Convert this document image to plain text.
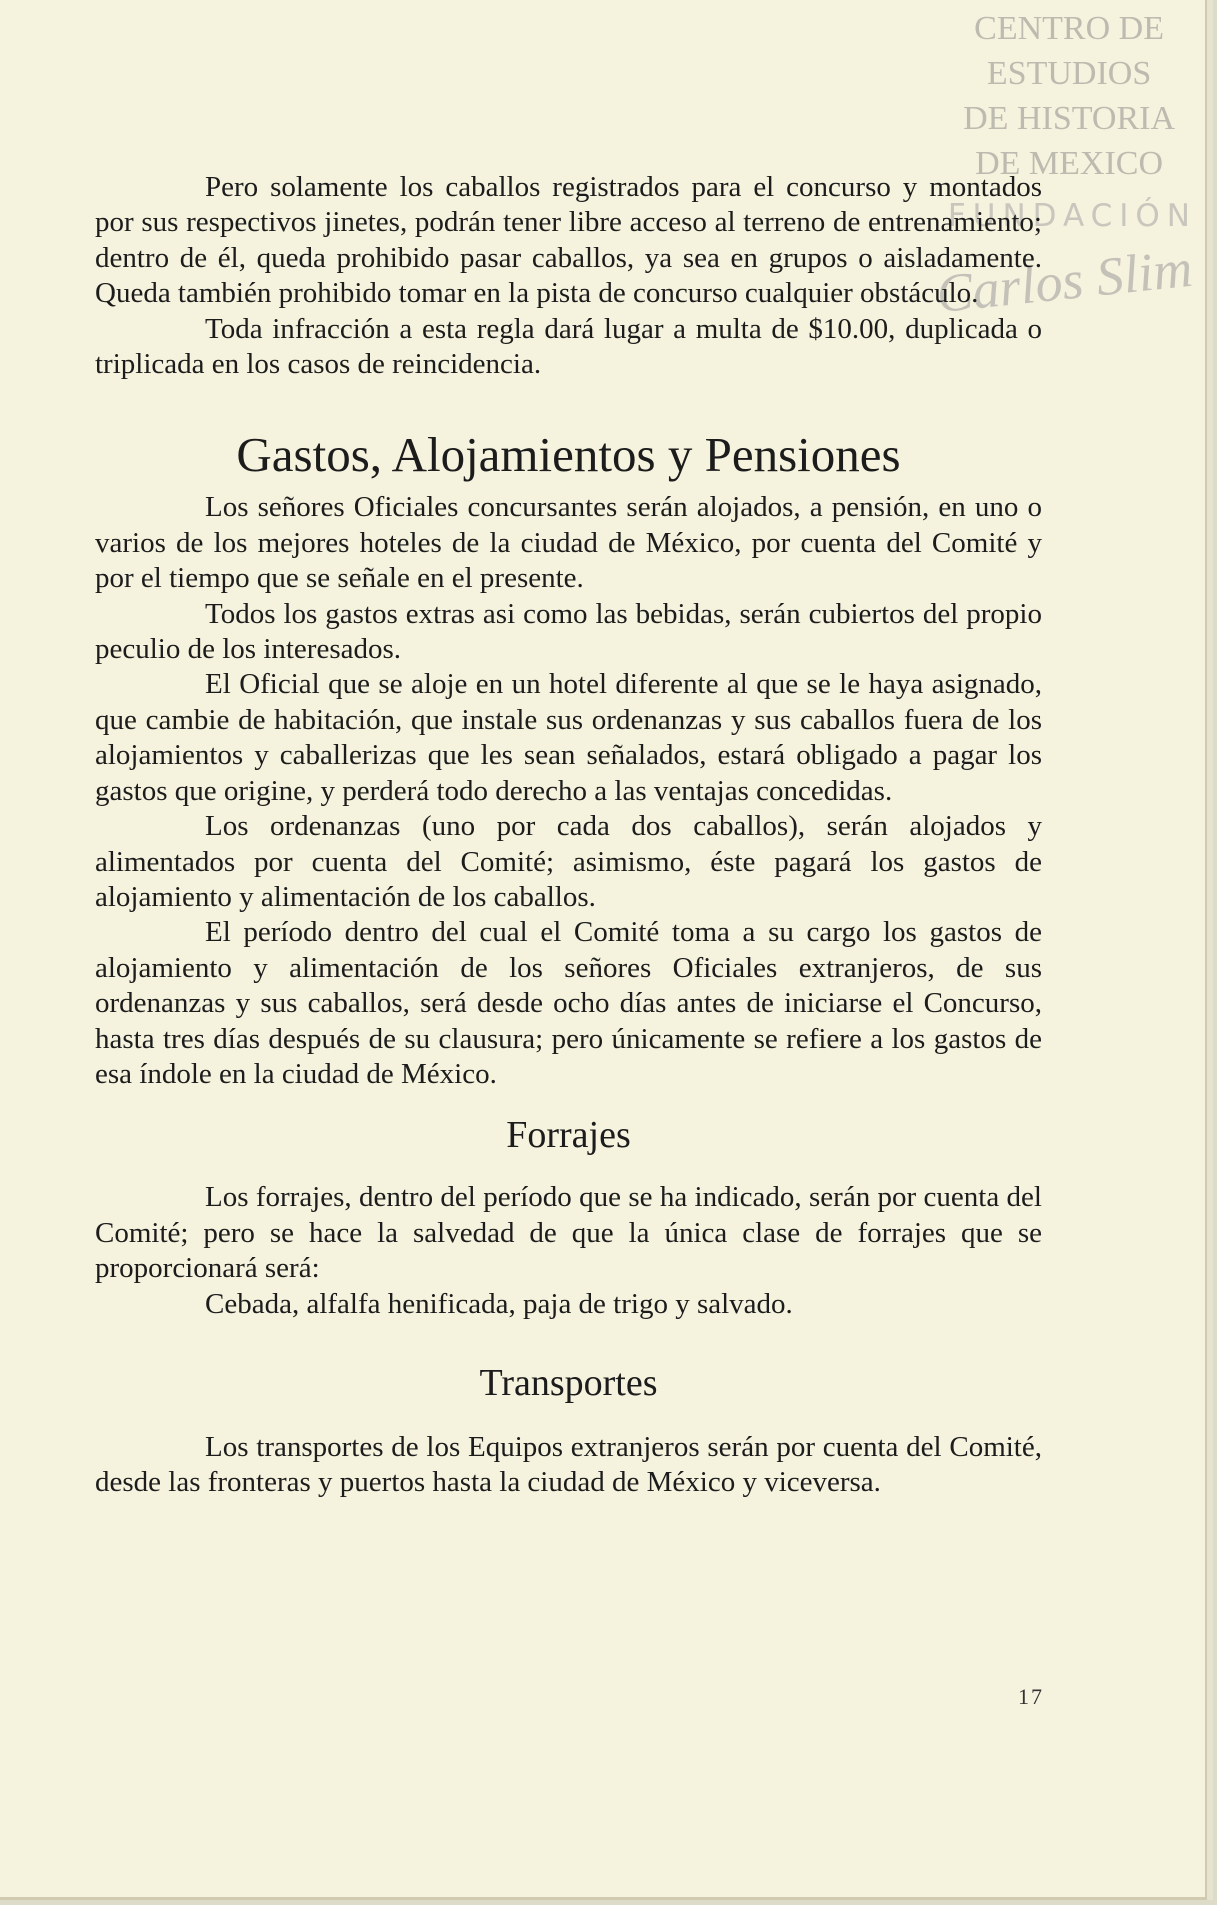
CENTRO DE
ESTUDIOS
DE HISTORIA
DE MEXICO
FUNDACIÓN
Carlos Slim

Pero solamente los caballos registrados para el concurso y montados por sus respectivos jinetes, podrán tener libre acceso al terreno de entrenamiento; dentro de él, queda prohibido pasar caballos, ya sea en grupos o aisladamente. Queda también prohibido tomar en la pista de concurso cualquier obstáculo.

Toda infracción a esta regla dará lugar a multa de $10.00, duplicada o triplicada en los casos de reincidencia.

Gastos, Alojamientos y Pensiones

Los señores Oficiales concursantes serán alojados, a pensión, en uno o varios de los mejores hoteles de la ciudad de México, por cuenta del Comité y por el tiempo que se señale en el presente.

Todos los gastos extras asi como las bebidas, serán cubiertos del propio peculio de los interesados.

El Oficial que se aloje en un hotel diferente al que se le haya asignado, que cambie de habitación, que instale sus ordenanzas y sus caballos fuera de los alojamientos y caballerizas que les sean señalados, estará obligado a pagar los gastos que origine, y perderá todo derecho a las ventajas concedidas.

Los ordenanzas (uno por cada dos caballos), serán alojados y alimentados por cuenta del Comité; asimismo, éste pagará los gastos de alojamiento y alimentación de los caballos.

El período dentro del cual el Comité toma a su cargo los gastos de alojamiento y alimentación de los señores Oficiales extranjeros, de sus ordenanzas y sus caballos, será desde ocho días antes de iniciarse el Concurso, hasta tres días después de su clausura; pero únicamente se refiere a los gastos de esa índole en la ciudad de México.

Forrajes

Los forrajes, dentro del período que se ha indicado, serán por cuenta del Comité; pero se hace la salvedad de que la única clase de forrajes que se proporcionará será:

Cebada, alfalfa henificada, paja de trigo y salvado.

Transportes

Los transportes de los Equipos extranjeros serán por cuenta del Comité, desde las fronteras y puertos hasta la ciudad de México y viceversa.

17
